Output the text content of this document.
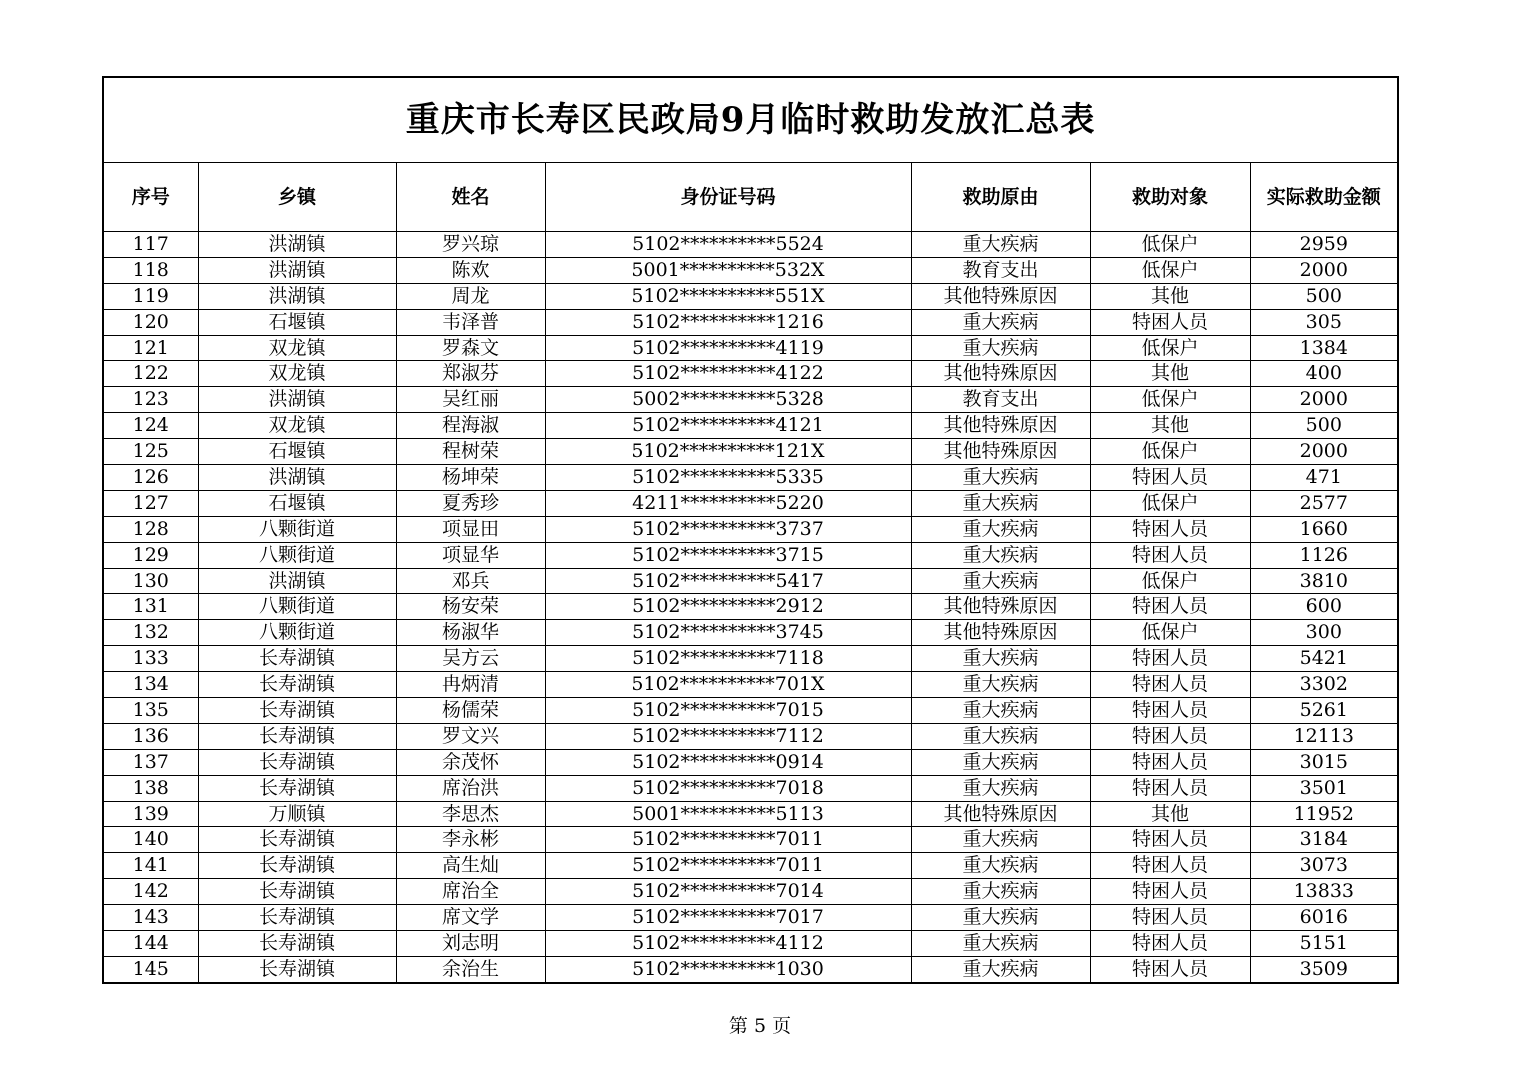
重庆市长寿区民政局9月临时救助发放汇总表						
序号	乡镇	姓名	身份证号码	救助原由	救助对象	实际救助金额
117	洪湖镇	罗兴琼	5102**********5524	重大疾病	低保户	2959
118	洪湖镇	陈欢	5001**********532X	教育支出	低保户	2000
119	洪湖镇	周龙	5102**********551X	其他特殊原因	其他	500
120	石堰镇	韦泽普	5102**********1216	重大疾病	特困人员	305
121	双龙镇	罗森文	5102**********4119	重大疾病	低保户	1384
122	双龙镇	郑淑芬	5102**********4122	其他特殊原因	其他	400
123	洪湖镇	吴红丽	5002**********5328	教育支出	低保户	2000
124	双龙镇	程海淑	5102**********4121	其他特殊原因	其他	500
125	石堰镇	程树荣	5102**********121X	其他特殊原因	低保户	2000
126	洪湖镇	杨坤荣	5102**********5335	重大疾病	特困人员	471
127	石堰镇	夏秀珍	4211**********5220	重大疾病	低保户	2577
128	八颗街道	项显田	5102**********3737	重大疾病	特困人员	1660
129	八颗街道	项显华	5102**********3715	重大疾病	特困人员	1126
130	洪湖镇	邓兵	5102**********5417	重大疾病	低保户	3810
131	八颗街道	杨安荣	5102**********2912	其他特殊原因	特困人员	600
132	八颗街道	杨淑华	5102**********3745	其他特殊原因	低保户	300
133	长寿湖镇	吴方云	5102**********7118	重大疾病	特困人员	5421
134	长寿湖镇	冉炳清	5102**********701X	重大疾病	特困人员	3302
135	长寿湖镇	杨儒荣	5102**********7015	重大疾病	特困人员	5261
136	长寿湖镇	罗文兴	5102**********7112	重大疾病	特困人员	12113
137	长寿湖镇	余茂怀	5102**********0914	重大疾病	特困人员	3015
138	长寿湖镇	席治洪	5102**********7018	重大疾病	特困人员	3501
139	万顺镇	李思杰	5001**********5113	其他特殊原因	其他	11952
140	长寿湖镇	李永彬	5102**********7011	重大疾病	特困人员	3184
141	长寿湖镇	高生灿	5102**********7011	重大疾病	特困人员	3073
142	长寿湖镇	席治全	5102**********7014	重大疾病	特困人员	13833
143	长寿湖镇	席文学	5102**********7017	重大疾病	特困人员	6016
144	长寿湖镇	刘志明	5102**********4112	重大疾病	特困人员	5151
145	长寿湖镇	余治生	5102**********1030	重大疾病	特困人员	3509
第 5 页
